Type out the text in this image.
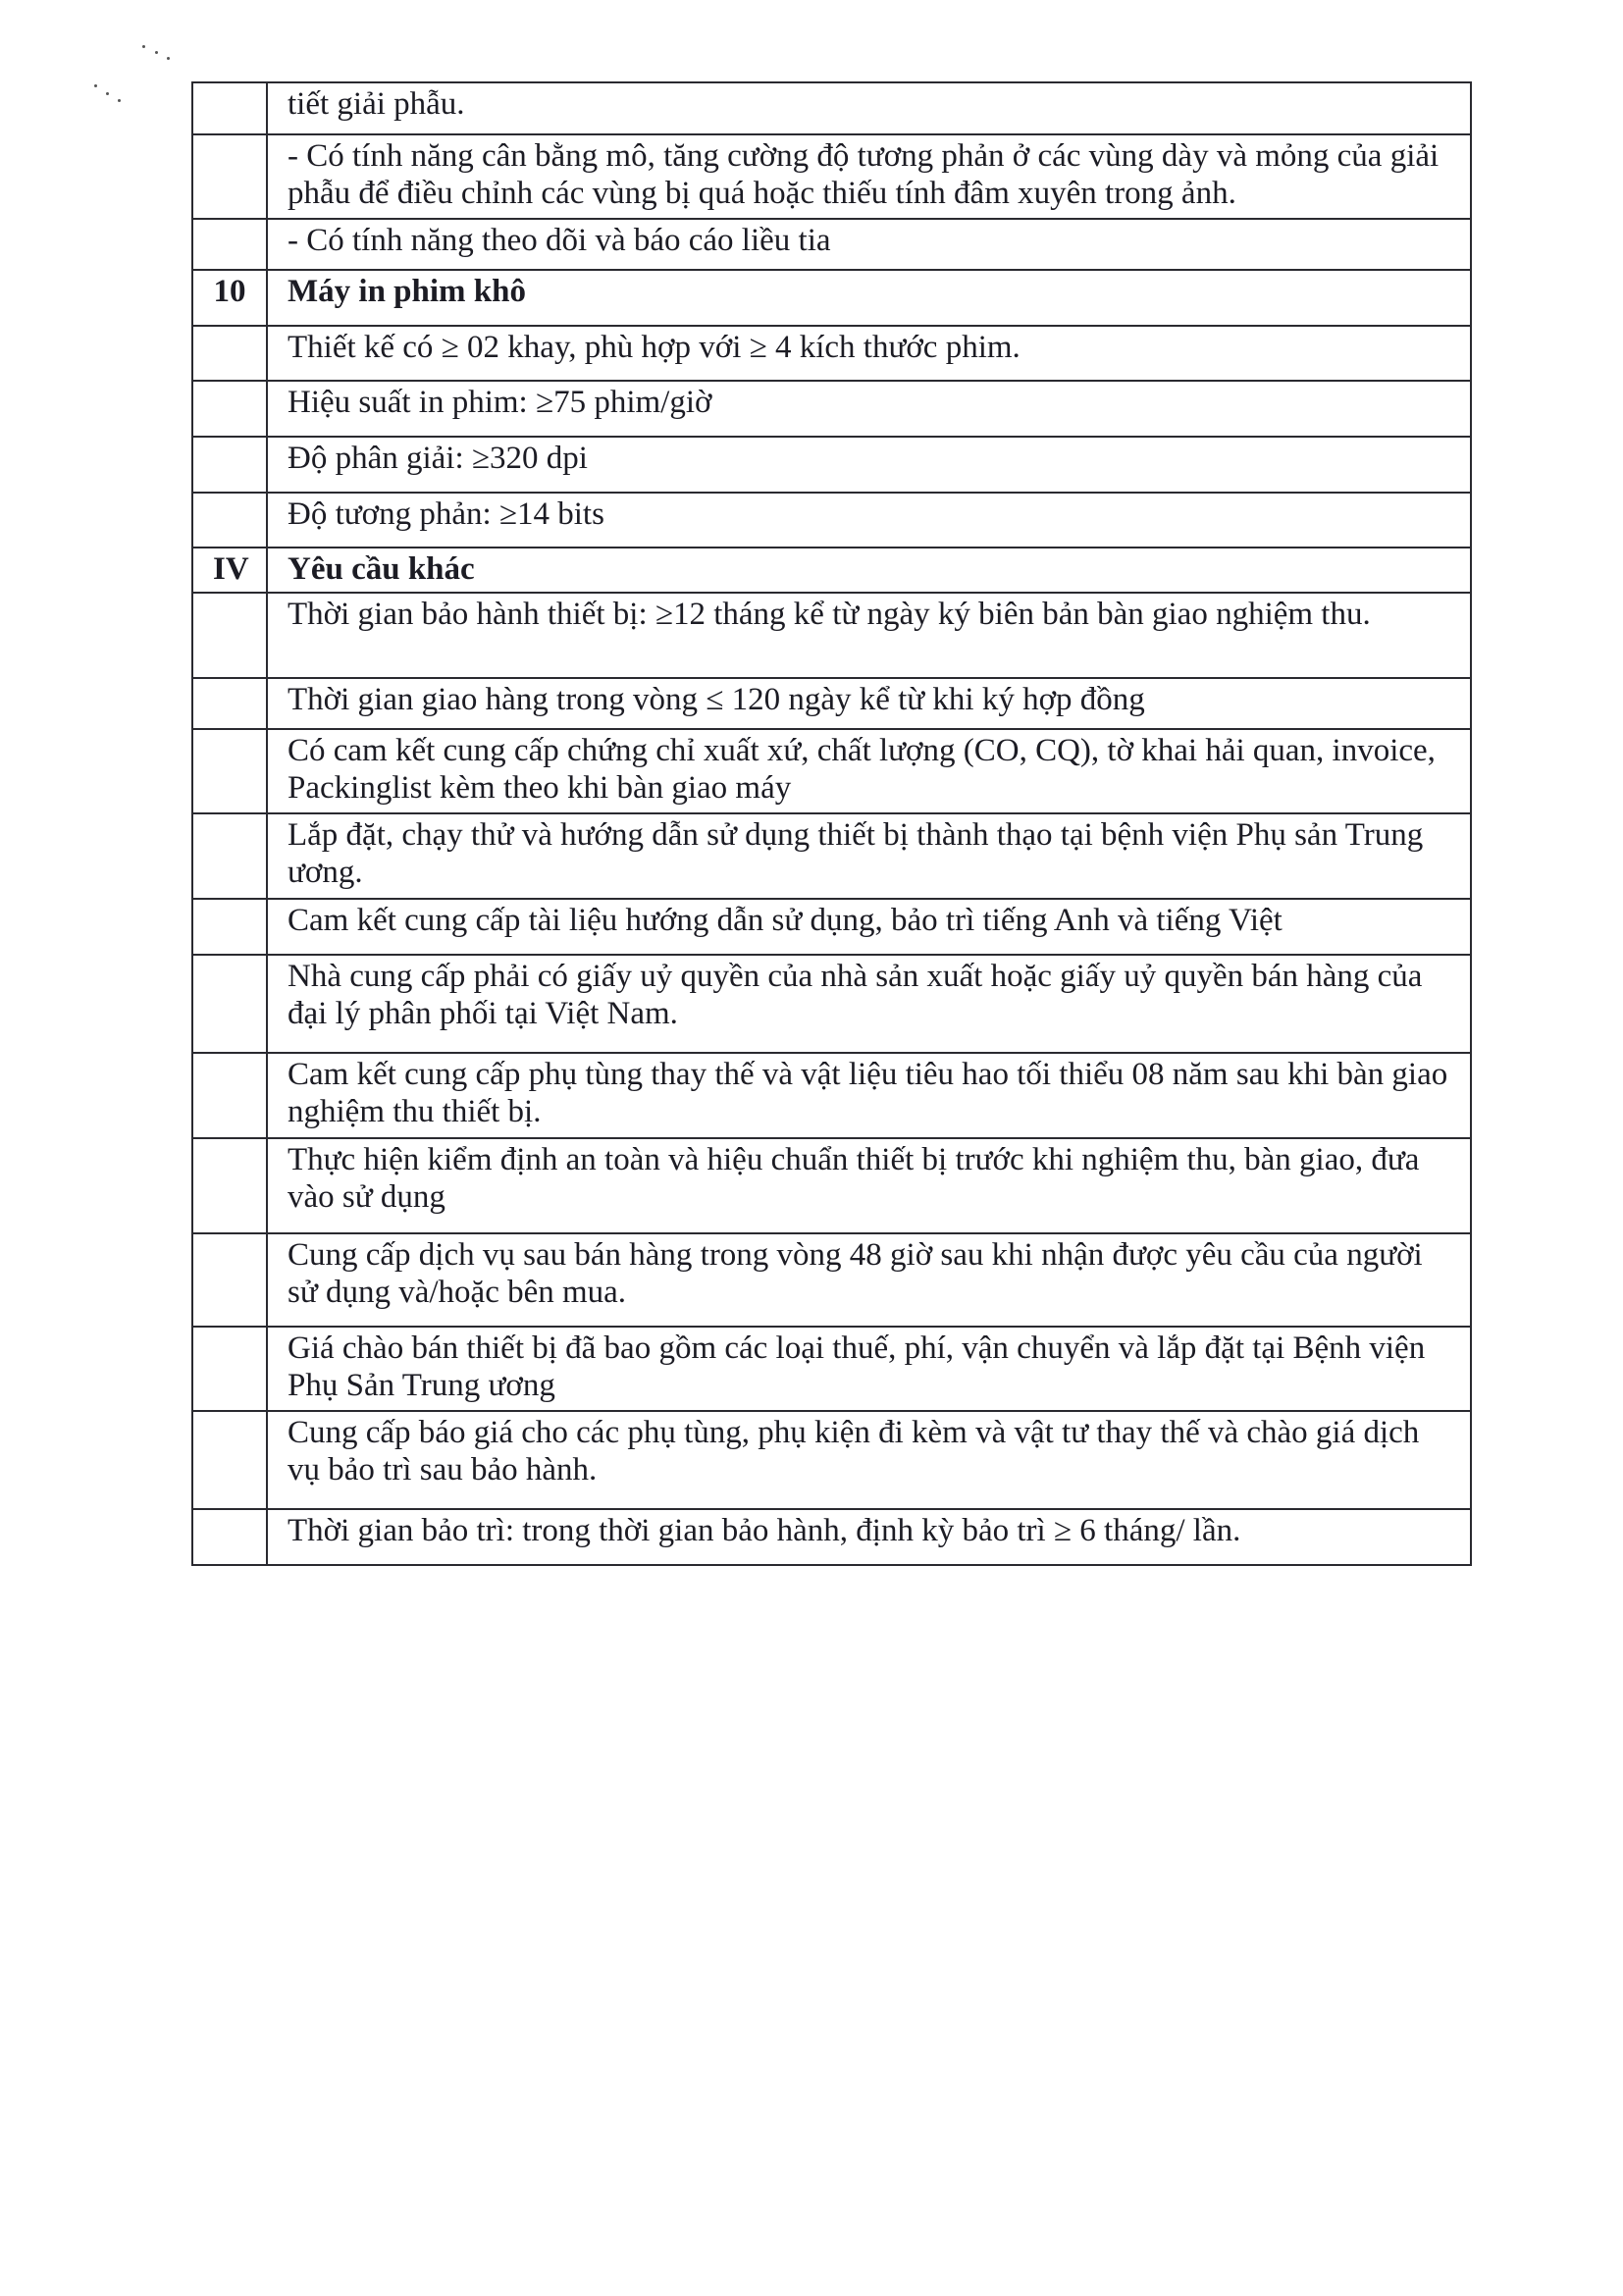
	tiết giải phẫu.
	- Có tính năng cân bằng mô, tăng cường độ tương phản ở các vùng dày và mỏng của giải phẫu để điều chỉnh các vùng bị quá hoặc thiếu tính đâm xuyên trong ảnh.
	- Có tính năng theo dõi và báo cáo liều tia
10	Máy in phim khô
	Thiết kế có ≥ 02 khay, phù hợp với ≥ 4 kích thước phim.
	Hiệu suất in phim: ≥75 phim/giờ
	Độ phân giải: ≥320 dpi
	Độ tương phản: ≥14 bits
IV	Yêu cầu khác
	Thời gian bảo hành thiết bị: ≥12 tháng kể từ ngày ký biên bản bàn giao nghiệm thu.
	Thời gian giao hàng trong vòng ≤ 120 ngày kể từ khi ký hợp đồng
	Có cam kết cung cấp chứng chỉ xuất xứ, chất lượng (CO, CQ), tờ khai hải quan, invoice, Packinglist kèm theo khi bàn giao máy
	Lắp đặt, chạy thử và hướng dẫn sử dụng thiết bị thành thạo tại bệnh viện Phụ sản Trung ương.
	Cam kết cung cấp tài liệu hướng dẫn sử dụng, bảo trì tiếng Anh và tiếng Việt
	Nhà cung cấp phải có giấy uỷ quyền của nhà sản xuất hoặc giấy uỷ quyền bán hàng của đại lý phân phối tại Việt Nam.
	Cam kết cung cấp phụ tùng thay thế và vật liệu tiêu hao tối thiểu 08 năm sau khi bàn giao nghiệm thu thiết bị.
	Thực hiện kiểm định an toàn và hiệu chuẩn thiết bị trước khi nghiệm thu, bàn giao, đưa vào sử dụng
	Cung cấp dịch vụ sau bán hàng trong vòng 48 giờ sau khi nhận được yêu cầu của người sử dụng và/hoặc bên mua.
	Giá chào bán thiết bị đã bao gồm các loại thuế, phí, vận chuyển và lắp đặt tại Bệnh viện Phụ Sản Trung ương
	Cung cấp báo giá cho các phụ tùng, phụ kiện đi kèm và vật tư thay thế và chào giá dịch vụ bảo trì sau bảo hành.
	Thời gian bảo trì: trong thời gian bảo hành, định kỳ bảo trì ≥ 6 tháng/ lần.
